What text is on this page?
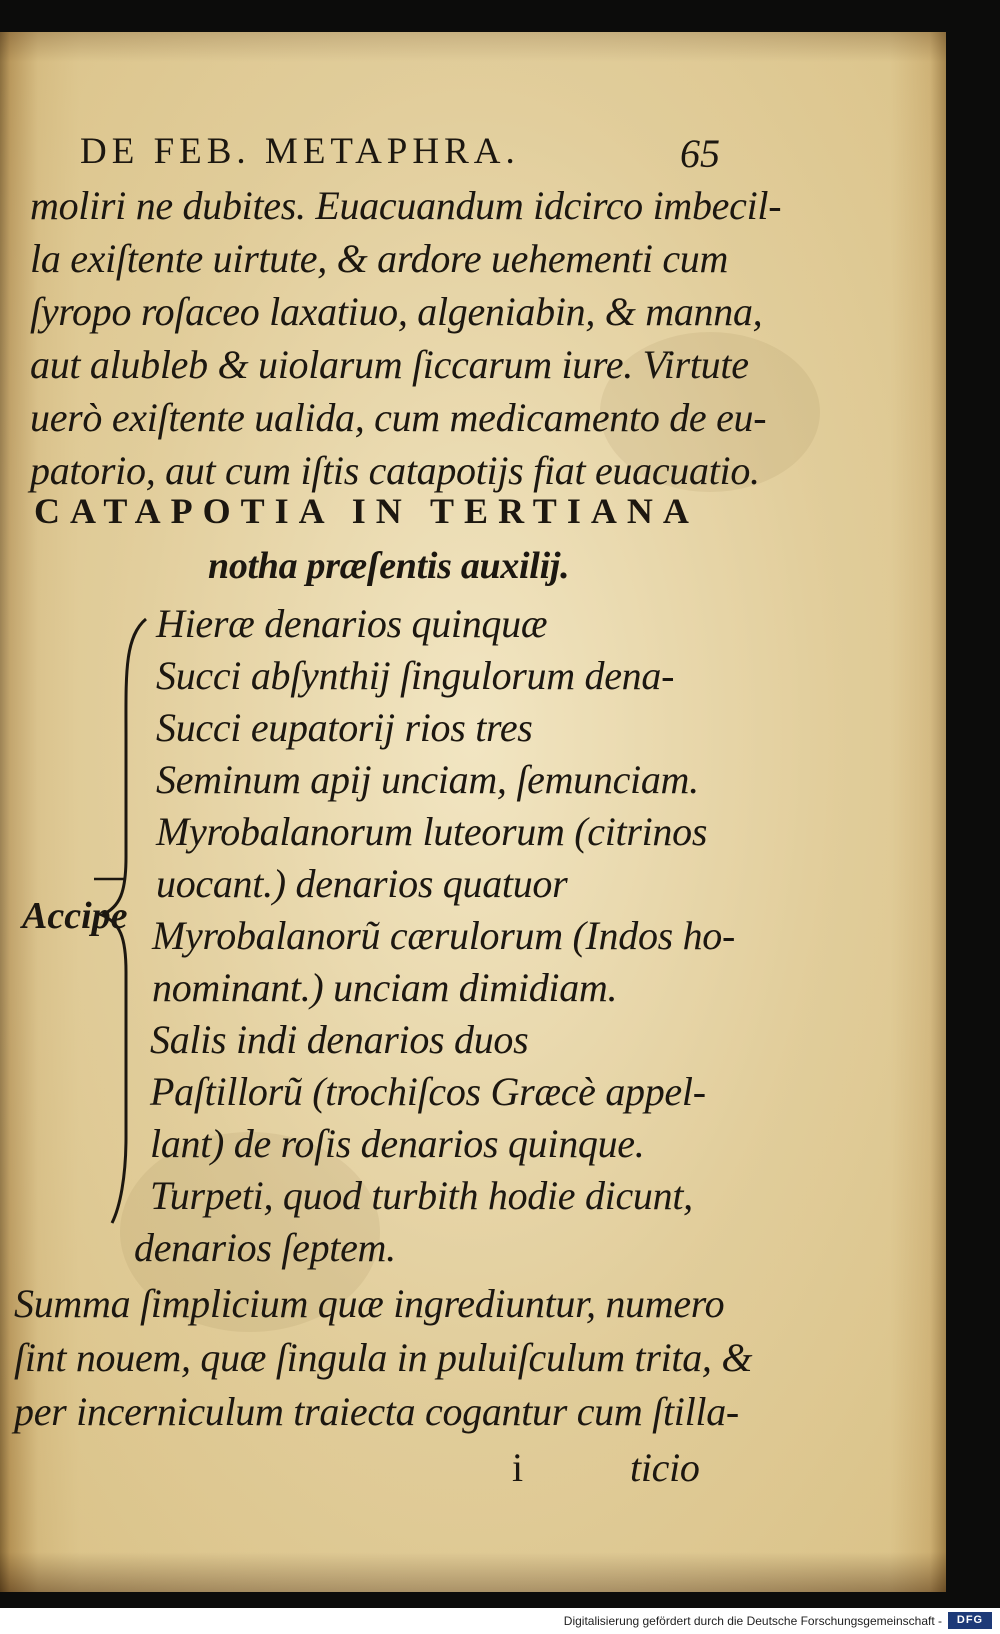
DE FEB. METAPHRA.	65

moliri ne dubites. Euacuandum idcirco imbecil-

la exiſtente uirtute, & ardore uehementi cum

ſyropo roſaceo laxatiuo, algeniabin, & manna,

aut alubleb & uiolarum ſiccarum iure. Virtute

uerò exiſtente ualida, cum medicamento de eu-

patorio, aut cum iſtis catapotijs fiat euacuatio.

CATAPOTIA IN TERTIANA

notha præſentis auxilij.

Accipe

Hieræ denarios quinquæ

Succi abſynthij ſingulorum dena-

Succi eupatorij rios tres

Seminum apij unciam, ſemunciam.

Myrobalanorum luteorum (citrinos

uocant.) denarios quatuor

Myrobalanorũ cærulorum (Indos ho-

nominant.) unciam dimidiam.

Salis indi denarios duos

Paſtillorũ (trochiſcos Græcè appel-

lant) de roſis denarios quinque.

Turpeti, quod turbith hodie dicunt,

denarios ſeptem.

Summa ſimplicium quæ ingrediuntur, numero

ſint nouem, quæ ſingula in puluiſculum trita, &

per incerniculum traiecta cogantur cum ſtilla-

i	ticio

Digitalisierung gefördert durch die Deutsche Forschungsgemeinschaft -	DFG
